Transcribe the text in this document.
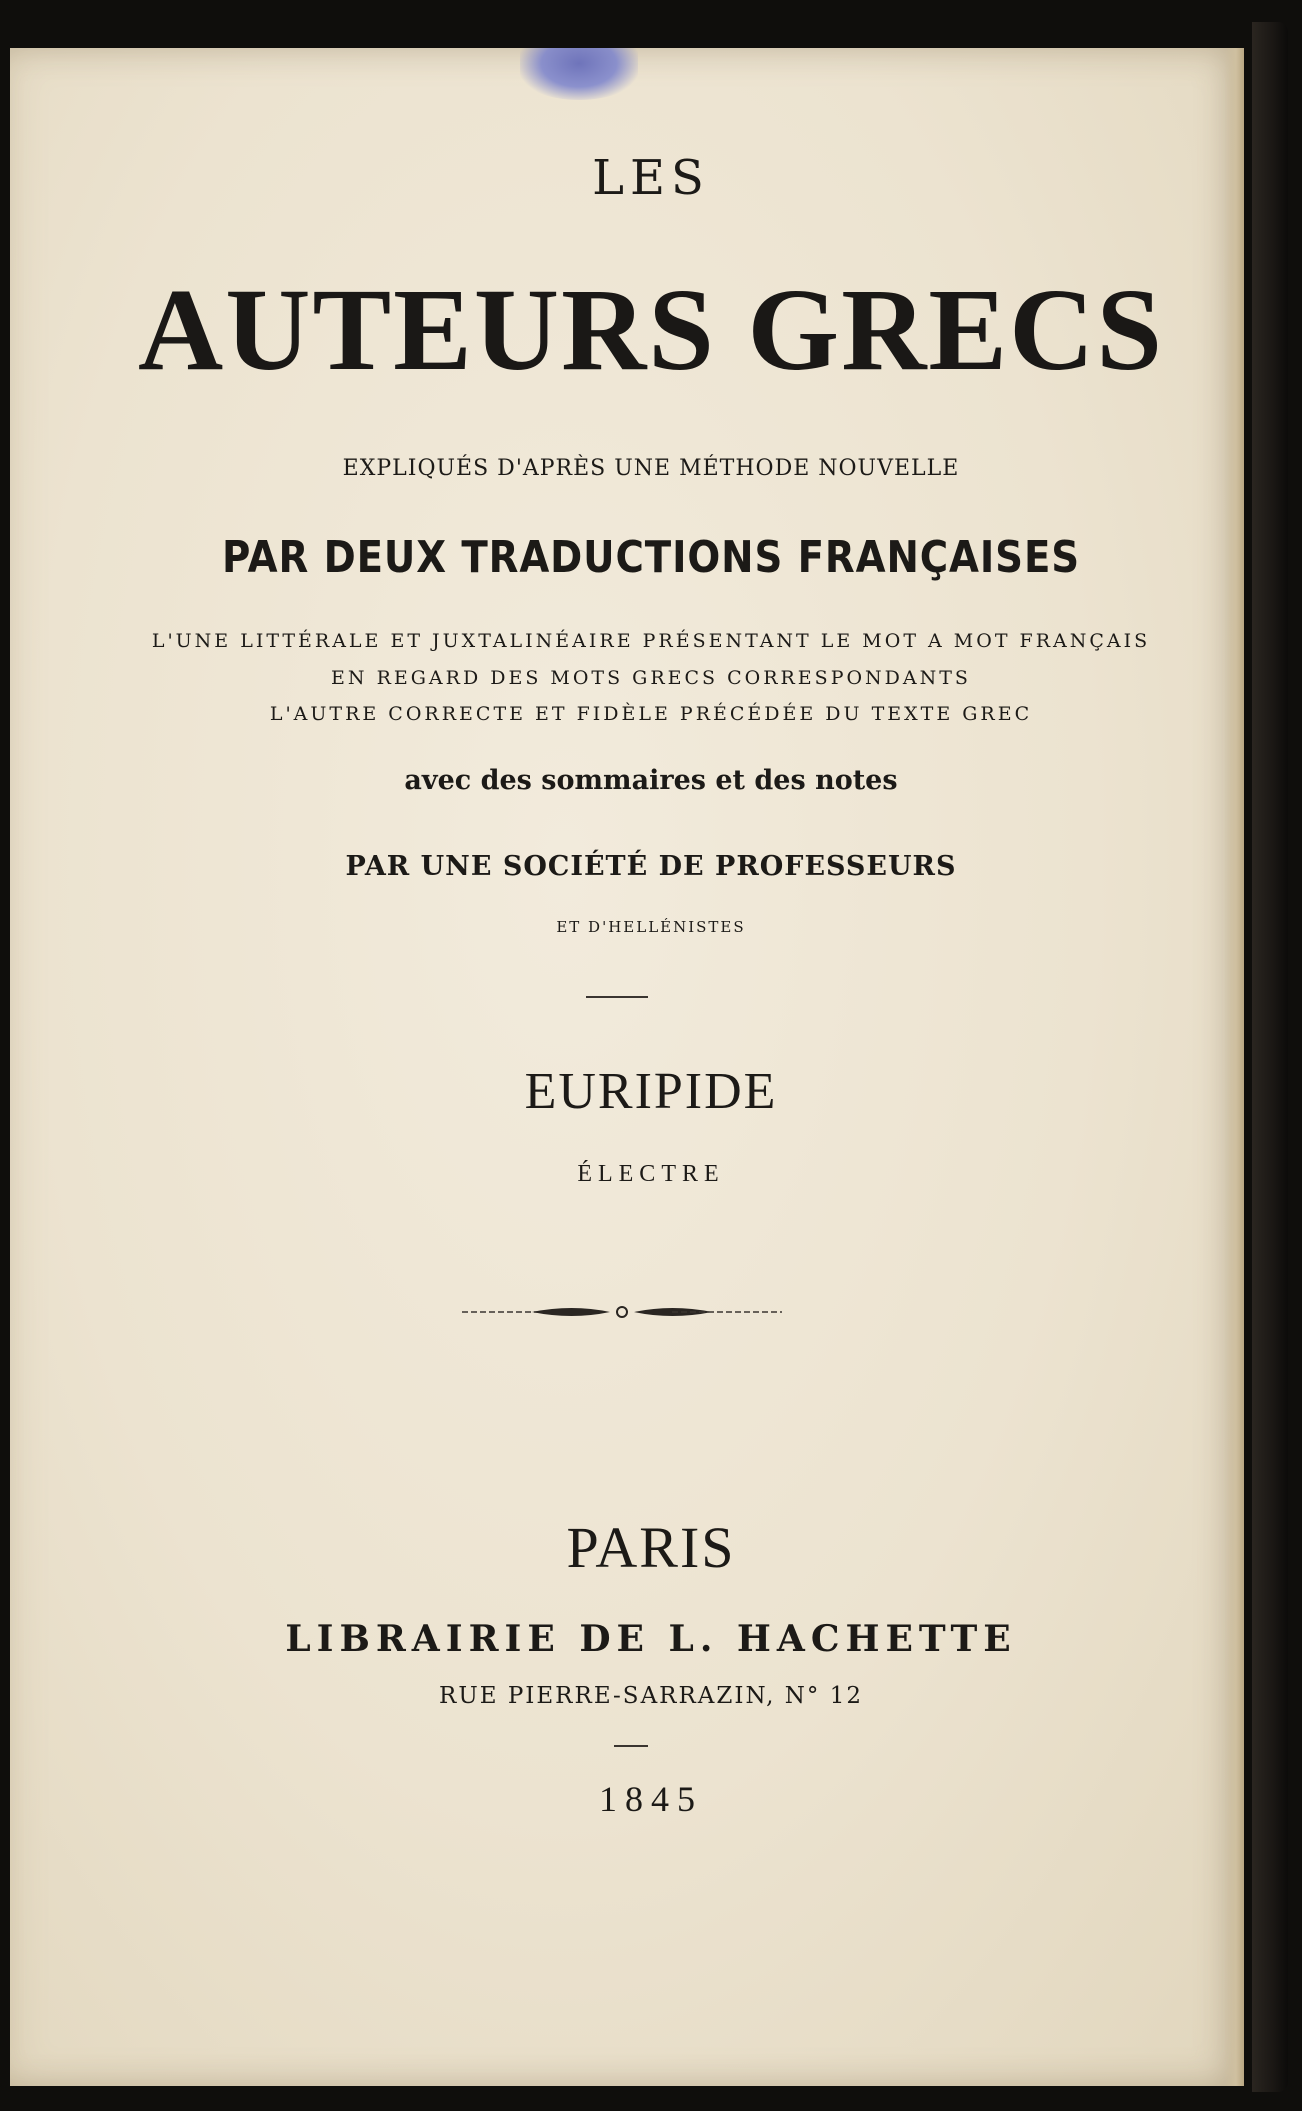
LES
AUTEURS GRECS
EXPLIQUÉS D'APRÈS UNE MÉTHODE NOUVELLE
PAR DEUX TRADUCTIONS FRANÇAISES
L'UNE LITTÉRALE ET JUXTALINÉAIRE PRÉSENTANT LE MOT A MOT FRANÇAIS
EN REGARD DES MOTS GRECS CORRESPONDANTS
L'AUTRE CORRECTE ET FIDÈLE PRÉCÉDÉE DU TEXTE GREC
avec des sommaires et des notes
PAR UNE SOCIÉTÉ DE PROFESSEURS
ET D'HELLÉNISTES
EURIPIDE
ÉLECTRE
PARIS
LIBRAIRIE DE L. HACHETTE
RUE PIERRE-SARRAZIN, N° 12
1845
